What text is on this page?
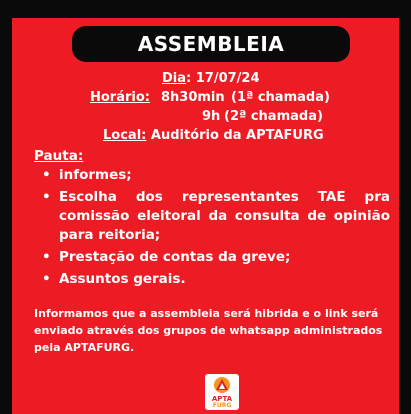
ASSEMBLEIA
Dia: 17/07/24
Horário: 8h30min (1ª chamada)
9h (2ª chamada)
Local: Auditório da APTAFURG
Pauta:
• informes;
• Escolha dos representantes TAE pra comissão eleitoral da consulta de opinião para reitoria;
• Prestação de contas da greve;
• Assuntos gerais.
Informamos que a assembleia será hibrida e o link será enviado através dos grupos de whatsapp administrados pela APTAFURG.
APTA
FURG
